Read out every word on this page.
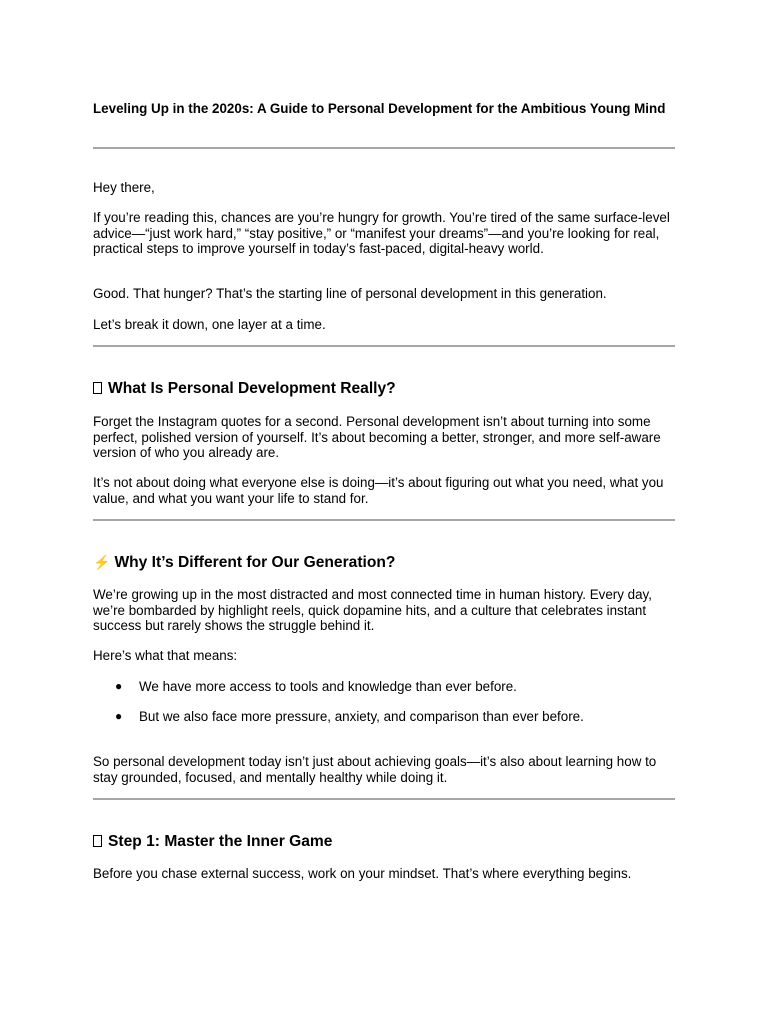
Leveling Up in the 2020s: A Guide to Personal Development for the Ambitious Young Mind

Hey there,

If you’re reading this, chances are you’re hungry for growth. You’re tired of the same surface-level advice—“just work hard,” “stay positive,” or “manifest your dreams”—and you’re looking for real, practical steps to improve yourself in today’s fast-paced, digital-heavy world.

Good. That hunger? That’s the starting line of personal development in this generation.

Let’s break it down, one layer at a time.

What Is Personal Development Really?

Forget the Instagram quotes for a second. Personal development isn’t about turning into some perfect, polished version of yourself. It’s about becoming a better, stronger, and more self-aware version of who you already are.

It’s not about doing what everyone else is doing—it’s about figuring out what you need, what you value, and what you want your life to stand for.

⚡ Why It’s Different for Our Generation?

We’re growing up in the most distracted and most connected time in human history. Every day, we’re bombarded by highlight reels, quick dopamine hits, and a culture that celebrates instant success but rarely shows the struggle behind it.

Here’s what that means:

● We have more access to tools and knowledge than ever before.
● But we also face more pressure, anxiety, and comparison than ever before.

So personal development today isn’t just about achieving goals—it’s also about learning how to stay grounded, focused, and mentally healthy while doing it.

Step 1: Master the Inner Game

Before you chase external success, work on your mindset. That’s where everything begins.
